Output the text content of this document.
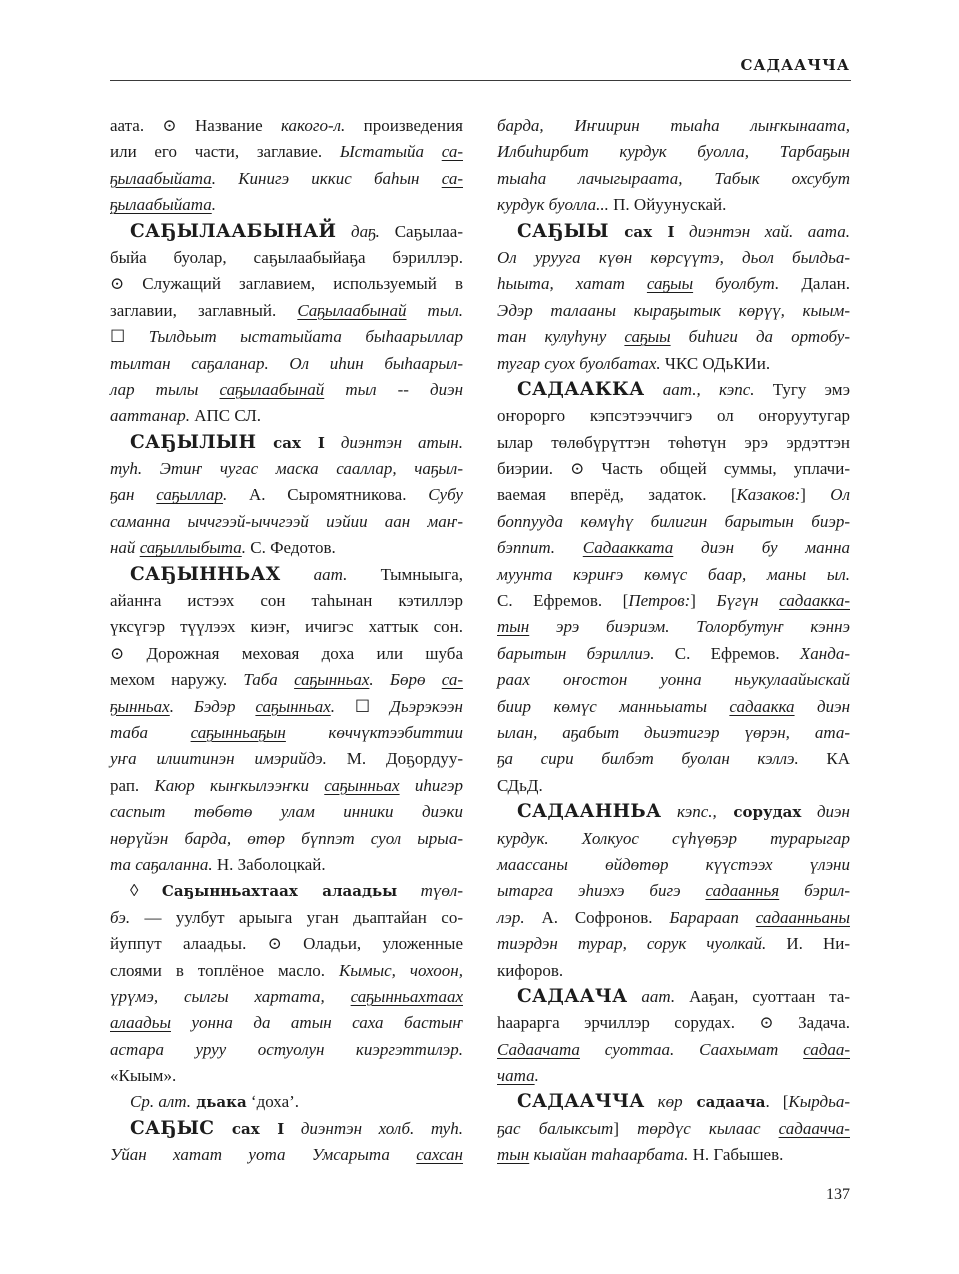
САДААЧЧА
аата. ⊙ Название какого-л. произведения
или его части, заглавие. Ыстатыйа са-
ҕылаабыйата. Кинигэ иккис баһын са-
ҕылаабыйата.
САҔЫЛААБЫНАЙ даҕ. Саҕылаа-
быйа буолар, саҕылаабыйаҕа бэриллэр.
⊙ Служащий заглавием, используемый в
заглавии, заглавный. Саҕылаабынай тыл.
☐ Тылдьыт ыстатыйата быһаарыллар
тылтан саҕаланар. Ол иһин быһаарыл-
лар тылы саҕылаабынай тыл -- диэн
ааттанар. АПС СЛ.
САҔЫЛЫН сах I диэнтэн атын.
туһ. Этиҥ чугас маска сааллар, чаҕыл-
ҕан саҕыллар. А. Сыромятникова. Субу
саманна ыччгээй-ыччгээй иэйии аан маҥ-
най саҕыллыбыта. С. Федотов.
САҔЫННЬАХ аат. Тымныыга,
айанҥа истээх сон таһынан кэтиллэр
үксүгэр түүлээх киэҥ, ичигэс хаттык сон.
⊙ Дорожная меховая доха или шуба
мехом наружу. Таба саҕынньах. Бөрө са-
ҕынньах. Бэдэр саҕынньах. ☐ Дьэрэкээн
таба саҕынньаҕын көччүктээбиттии
уҥа илиитинэн имэрийдэ. М. Доҕордуу-
рап. Каюр кыҥкылээҥки саҕынньах иһигэр
саспыт төбөтө улам инники диэки
нөрүйэн барда, өтөр бүппэт суол ырыа-
та саҕаланна. Н. Заболоцкай.
◊ Саҕынньахтаах алаадьы түөл-
бэ. — уулбут арыыга уган дьаптайан со-
йуппут алаадьы. ⊙ Оладьи, уложенные
слоями в топлёное масло. Кымыс, чохоон,
үрүмэ, сылгы хартата, саҕынньахтаах
алаадьы уонна да атын саха бастыҥ
астара уруу остуолун киэргэттилэр.
«Кыым».
Ср. алт. дьака ‘доха’.
САҔЫС сах I диэнтэн холб. туһ.
Уйан хатат уота Умсарыта сахсан
барда, Иҥиирин тыаһа лыҥкынаата,
Илбиһирбит курдук буолла, Тарбаҕын
тыаһа лачыгыраата, Табык охсубут
курдук буолла... П. Ойуунускай.
САҔЫЫ сах I диэнтэн хай. аата.
Ол урууга күөн көрсүүтэ, дьол былдьа-
һыыта, хатат саҕыы буолбут. Далан.
Эдэр талааны кыраҕытык көрүү, кыым-
тан кулуһуну саҕыы биһиги да ортобу-
тугар суох буолбатах. ЧКС ОДьКИи.
САДААККА аат., кэпс. Тугу эмэ
оҥорорго кэпсэтээччигэ ол оҥоруутугар
ылар төлөбүрүттэн төһөтүн эрэ эрдэттэн
биэрии. ⊙ Часть общей суммы, уплачи-
ваемая вперёд, задаток. [Казаков:] Ол
боппууда көмүһү билигин барытын биэр-
бэппит. Садаакката диэн бу манна
муунта кэриҥэ көмүс баар, маны ыл.
С. Ефремов. [Петров:] Бүгүн садаакка-
тын эрэ биэриэм. Толорбутуҥ кэннэ
барытын бэриллиэ. С. Ефремов. Ханда-
раах оҥостон уонна ньукулаайыскай
биир көмүс манньыаты садаакка диэн
ылан, аҕабыт дьиэтигэр үөрэн, ата-
ҕа сири билбэт буолан кэллэ. КА
СДьД.
САДААННЬА кэпс., сорудах диэн
курдук. Холкуос сүһүөҕэр турарыгар
маассаны өйдөтөр күүстээх үлэни
ытарга эһиэхэ бигэ садааннья бэрил-
лэр. А. Софронов. Барараап садаанньаны
тиэрдэн турар, сорук чуолкай. И. Ни-
кифоров.
САДААЧА аат. Ааҕан, суоттаан та-
һаарарга эрчиллэр сорудах. ⊙ Задача.
Садаачата суоттаа. Саахымат садаа-
чата.
САДААЧЧА көр садаача. [Кырдьа-
ҕас балыксыт] төрдүс кылаас садаачча-
тын кыайан таһаарбата. Н. Габышев.
137
